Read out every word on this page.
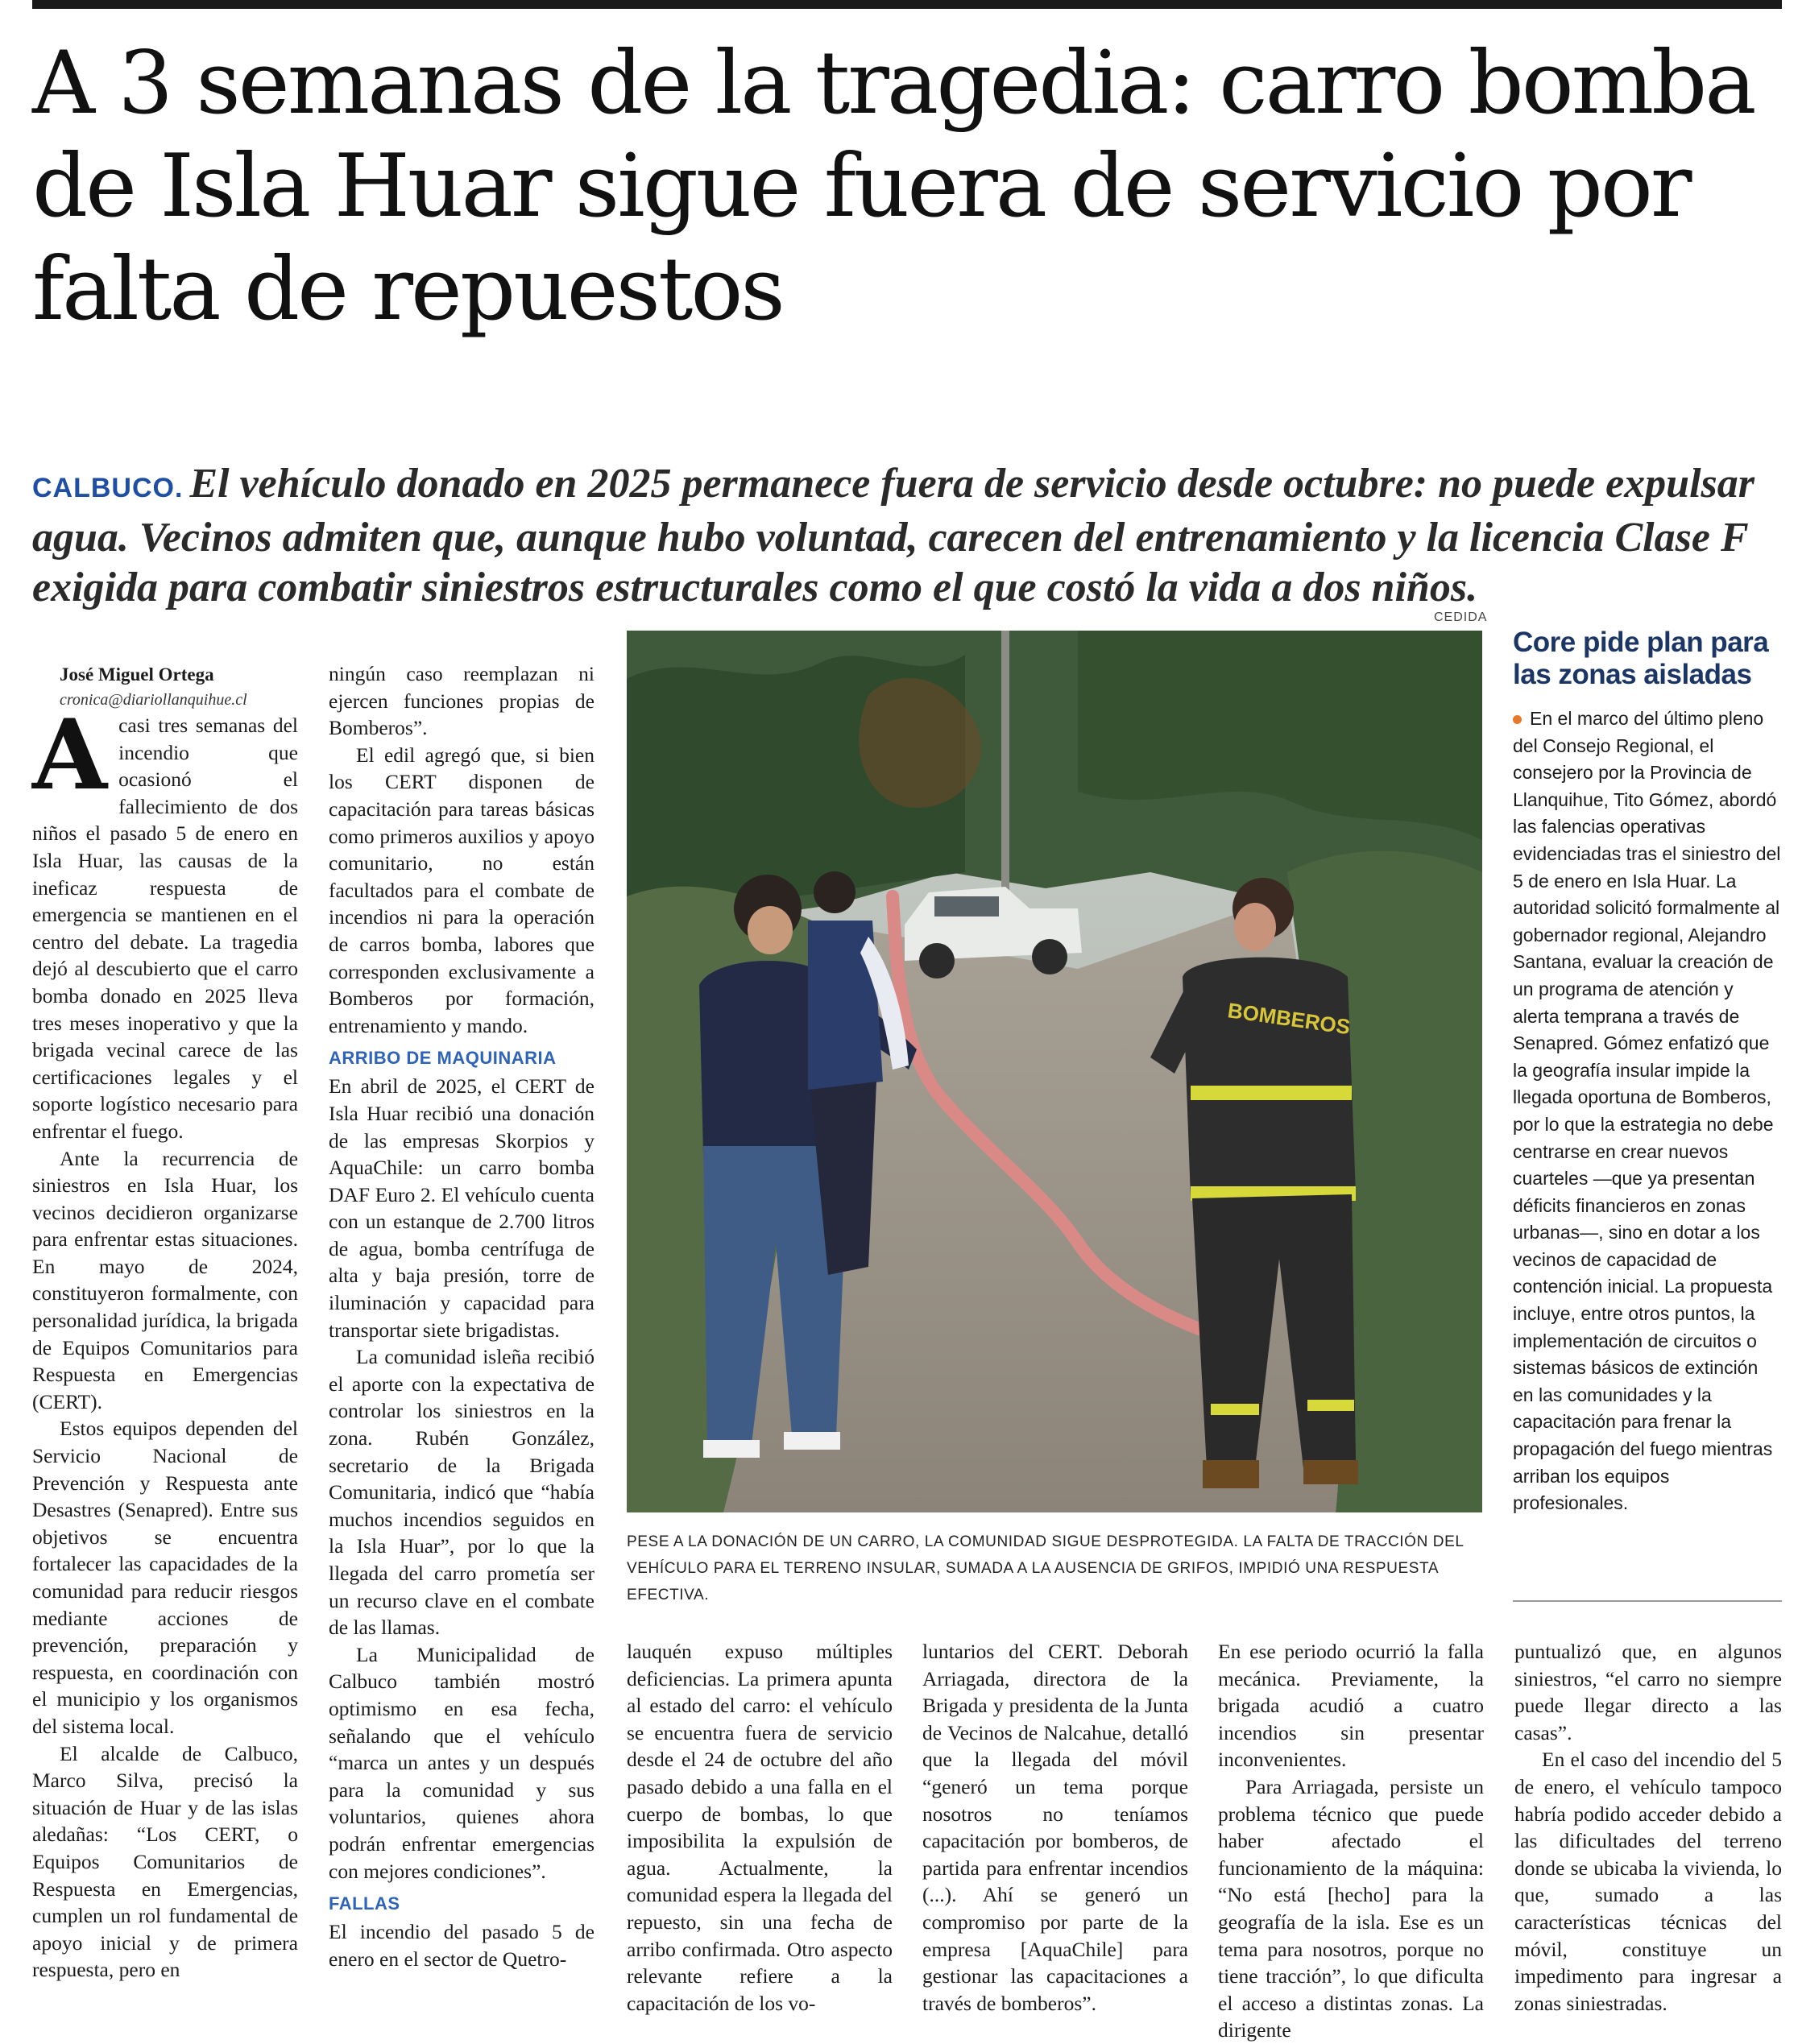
A 3 semanas de la tragedia: carro bomba de Isla Huar sigue fuera de servicio por falta de repuestos

CALBUCO. El vehículo donado en 2025 permanece fuera de servicio desde octubre: no puede expulsar agua. Vecinos admiten que, aunque hubo voluntad, carecen del entrenamiento y la licencia Clase F exigida para combatir siniestros estructurales como el que costó la vida a dos niños.

CEDIDA

José Miguel Ortega

cronica@diariollanquihue.cl

Acasi tres semanas del incendio que ocasionó el fallecimiento de dos niños el pasado 5 de enero en Isla Huar, las causas de la ineficaz respuesta de emergencia se mantienen en el centro del debate. La tragedia dejó al descubierto que el carro bomba donado en 2025 lleva tres meses inoperativo y que la brigada vecinal carece de las certificaciones legales y el soporte logístico necesario para enfrentar el fuego.

Ante la recurrencia de siniestros en Isla Huar, los vecinos decidieron organizarse para enfrentar estas situaciones. En mayo de 2024, constituyeron formalmente, con personalidad jurídica, la brigada de Equipos Comunitarios para Respuesta en Emergencias (CERT).

Estos equipos dependen del Servicio Nacional de Prevención y Respuesta ante Desastres (Senapred). Entre sus objetivos se encuentra fortalecer las capacidades de la comunidad para reducir riesgos mediante acciones de prevención, preparación y respuesta, en coordinación con el municipio y los organismos del sistema local.

El alcalde de Calbuco, Marco Silva, precisó la situación de Huar y de las islas aledañas: “Los CERT, o Equipos Comunitarios de Respuesta en Emergencias, cumplen un rol fundamental de apoyo inicial y de primera respuesta, pero en

ningún caso reemplazan ni ejercen funciones propias de Bomberos”.

El edil agregó que, si bien los CERT disponen de capacitación para tareas básicas como primeros auxilios y apoyo comunitario, no están facultados para el combate de incendios ni para la operación de carros bomba, labores que corresponden exclusivamente a Bomberos por formación, entrenamiento y mando.

ARRIBO DE MAQUINARIA

En abril de 2025, el CERT de Isla Huar recibió una donación de las empresas Skorpios y AquaChile: un carro bomba DAF Euro 2. El vehículo cuenta con un estanque de 2.700 litros de agua, bomba centrífuga de alta y baja presión, torre de iluminación y capacidad para transportar siete brigadistas.

La comunidad isleña recibió el aporte con la expectativa de controlar los siniestros en la zona. Rubén González, secretario de la Brigada Comunitaria, indicó que “había muchos incendios seguidos en la Isla Huar”, por lo que la llegada del carro prometía ser un recurso clave en el combate de las llamas.

La Municipalidad de Calbuco también mostró optimismo en esa fecha, señalando que el vehículo “marca un antes y un después para la comunidad y sus voluntarios, quienes ahora podrán enfrentar emergencias con mejores condiciones”.

FALLAS

El incendio del pasado 5 de enero en el sector de Quetro-

BOMBEROS

PESE A LA DONACIÓN DE UN CARRO, LA COMUNIDAD SIGUE DESPROTEGIDA. LA FALTA DE TRACCIÓN DEL VEHÍCULO PARA EL TERRENO INSULAR, SUMADA A LA AUSENCIA DE GRIFOS, IMPIDIÓ UNA RESPUESTA EFECTIVA.

lauquén expuso múltiples deficiencias. La primera apunta al estado del carro: el vehículo se encuentra fuera de servicio desde el 24 de octubre del año pasado debido a una falla en el cuerpo de bombas, lo que imposibilita la expulsión de agua. Actualmente, la comunidad espera la llegada del repuesto, sin una fecha de arribo confirmada. Otro aspecto relevante refiere a la capacitación de los vo-

luntarios del CERT. Deborah Arriagada, directora de la Brigada y presidenta de la Junta de Vecinos de Nalcahue, detalló que la llegada del móvil “generó un tema porque nosotros no teníamos capacitación por bomberos, de partida para enfrentar incendios (...). Ahí se generó un compromiso por parte de la empresa [AquaChile] para gestionar las capacitaciones a través de bomberos”.

En ese periodo ocurrió la falla mecánica. Previamente, la brigada acudió a cuatro incendios sin presentar inconvenientes.

Para Arriagada, persiste un problema técnico que puede haber afectado el funcionamiento de la máquina: “No está [hecho] para la geografía de la isla. Ese es un tema para nosotros, porque no tiene tracción”, lo que dificulta el acceso a distintas zonas. La dirigente

puntualizó que, en algunos siniestros, “el carro no siempre puede llegar directo a las casas”.

En el caso del incendio del 5 de enero, el vehículo tampoco habría podido acceder debido a las dificultades del terreno donde se ubicaba la vivienda, lo que, sumado a las características técnicas del móvil, constituye un impedimento para ingresar a zonas siniestradas.

Core pide plan para las zonas aisladas

En el marco del último pleno del Consejo Regional, el consejero por la Provincia de Llanquihue, Tito Gómez, abordó las falencias operativas evidenciadas tras el siniestro del 5 de enero en Isla Huar. La autoridad solicitó formalmente al gobernador regional, Alejandro Santana, evaluar la creación de un programa de atención y alerta temprana a través de Senapred. Gómez enfatizó que la geografía insular impide la llegada oportuna de Bomberos, por lo que la estrategia no debe centrarse en crear nuevos cuarteles —que ya presentan déficits financieros en zonas urbanas—, sino en dotar a los vecinos de capacidad de contención inicial. La propuesta incluye, entre otros puntos, la implementación de circuitos o sistemas básicos de extinción en las comunidades y la capacitación para frenar la propagación del fuego mientras arriban los equipos profesionales.
